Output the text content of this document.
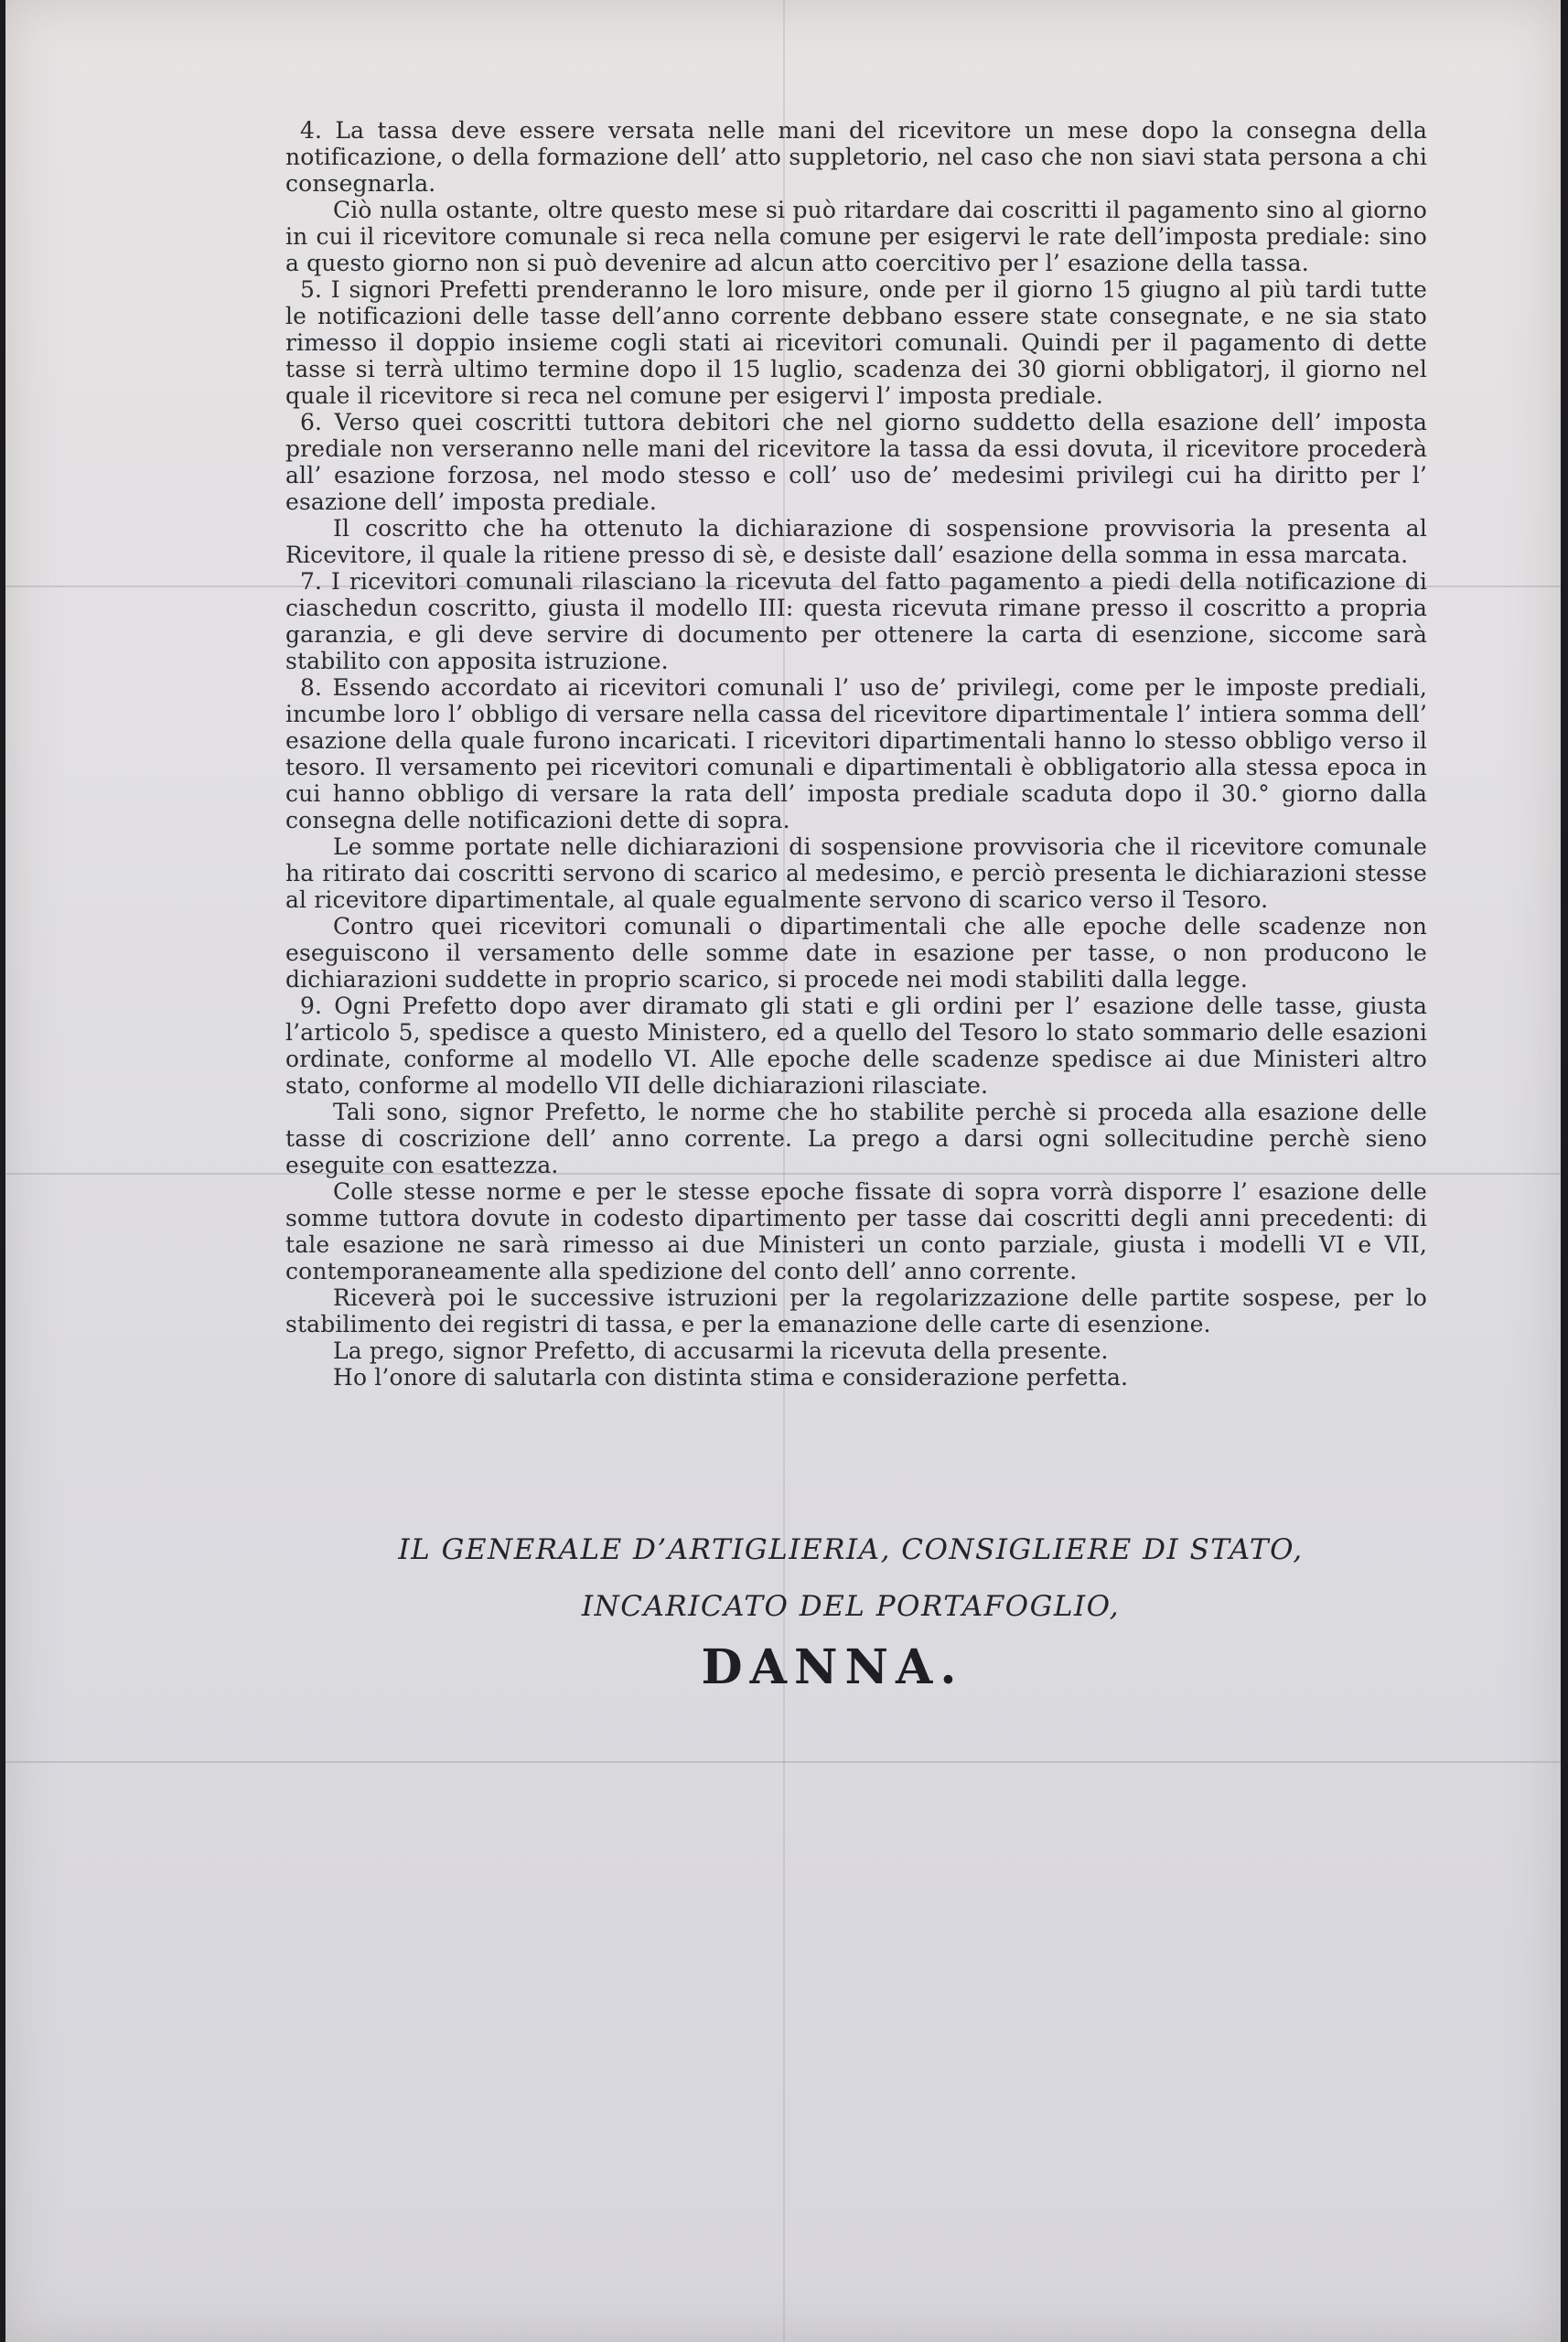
4. La tassa deve essere versata nelle mani del ricevitore un mese dopo la consegna della notificazione, o della formazione dell’ atto suppletorio, nel caso che non siavi stata persona a chi consegnarla.

Ciò nulla ostante, oltre questo mese si può ritardare dai coscritti il pagamento sino al giorno in cui il ricevitore comunale si reca nella comune per esigervi le rate dell’imposta prediale: sino a questo giorno non si può devenire ad alcun atto coercitivo per l’ esazione della tassa.

5. I signori Prefetti prenderanno le loro misure, onde per il giorno 15 giugno al più tardi tutte le notificazioni delle tasse dell’anno corrente debbano essere state consegnate, e ne sia stato rimesso il doppio insieme cogli stati ai ricevitori comunali. Quindi per il pagamento di dette tasse si terrà ultimo termine dopo il 15 luglio, scadenza dei 30 giorni obbligatorj, il giorno nel quale il ricevitore si reca nel comune per esigervi l’ imposta prediale.

6. Verso quei coscritti tuttora debitori che nel giorno suddetto della esazione dell’ imposta prediale non verseranno nelle mani del ricevitore la tassa da essi dovuta, il ricevitore procederà all’ esazione forzosa, nel modo stesso e coll’ uso de’ medesimi privilegi cui ha diritto per l’ esazione dell’ imposta prediale.

Il coscritto che ha ottenuto la dichiarazione di sospensione provvisoria la presenta al Ricevitore, il quale la ritiene presso di sè, e desiste dall’ esazione della somma in essa marcata.

7. I ricevitori comunali rilasciano la ricevuta del fatto pagamento a piedi della notificazione di ciaschedun coscritto, giusta il modello III: questa ricevuta rimane presso il coscritto a propria garanzia, e gli deve servire di documento per ottenere la carta di esenzione, siccome sarà stabilito con apposita istruzione.

8. Essendo accordato ai ricevitori comunali l’ uso de’ privilegi, come per le imposte prediali, incumbe loro l’ obbligo di versare nella cassa del ricevitore dipartimentale l’ intiera somma dell’ esazione della quale furono incaricati. I ricevitori dipartimentali hanno lo stesso obbligo verso il tesoro. Il versamento pei ricevitori comunali e dipartimentali è obbligatorio alla stessa epoca in cui hanno obbligo di versare la rata dell’ imposta prediale scaduta dopo il 30.° giorno dalla consegna delle notificazioni dette di sopra.

Le somme portate nelle dichiarazioni di sospensione provvisoria che il ricevitore comunale ha ritirato dai coscritti servono di scarico al medesimo, e perciò presenta le dichiarazioni stesse al ricevitore dipartimentale, al quale egualmente servono di scarico verso il Tesoro.

Contro quei ricevitori comunali o dipartimentali che alle epoche delle scadenze non eseguiscono il versamento delle somme date in esazione per tasse, o non producono le dichiarazioni suddette in proprio scarico, si procede nei modi stabiliti dalla legge.

9. Ogni Prefetto dopo aver diramato gli stati e gli ordini per l’ esazione delle tasse, giusta l’articolo 5, spedisce a questo Ministero, ed a quello del Tesoro lo stato sommario delle esazioni ordinate, conforme al modello VI. Alle epoche delle scadenze spedisce ai due Ministeri altro stato, conforme al modello VII delle dichiarazioni rilasciate.

Tali sono, signor Prefetto, le norme che ho stabilite perchè si proceda alla esazione delle tasse di coscrizione dell’ anno corrente. La prego a darsi ogni sollecitudine perchè sieno eseguite con esattezza.

Colle stesse norme e per le stesse epoche fissate di sopra vorrà disporre l’ esazione delle somme tuttora dovute in codesto dipartimento per tasse dai coscritti degli anni precedenti: di tale esazione ne sarà rimesso ai due Ministeri un conto parziale, giusta i modelli VI e VII, contemporaneamente alla spedizione del conto dell’ anno corrente.

Riceverà poi le successive istruzioni per la regolarizzazione delle partite sospese, per lo stabilimento dei registri di tassa, e per la emanazione delle carte di esenzione.

La prego, signor Prefetto, di accusarmi la ricevuta della presente.

Ho l’onore di salutarla con distinta stima e considerazione perfetta.

IL GENERALE D’ARTIGLIERIA, CONSIGLIERE DI STATO,
INCARICATO DEL PORTAFOGLIO,
DANNA.
